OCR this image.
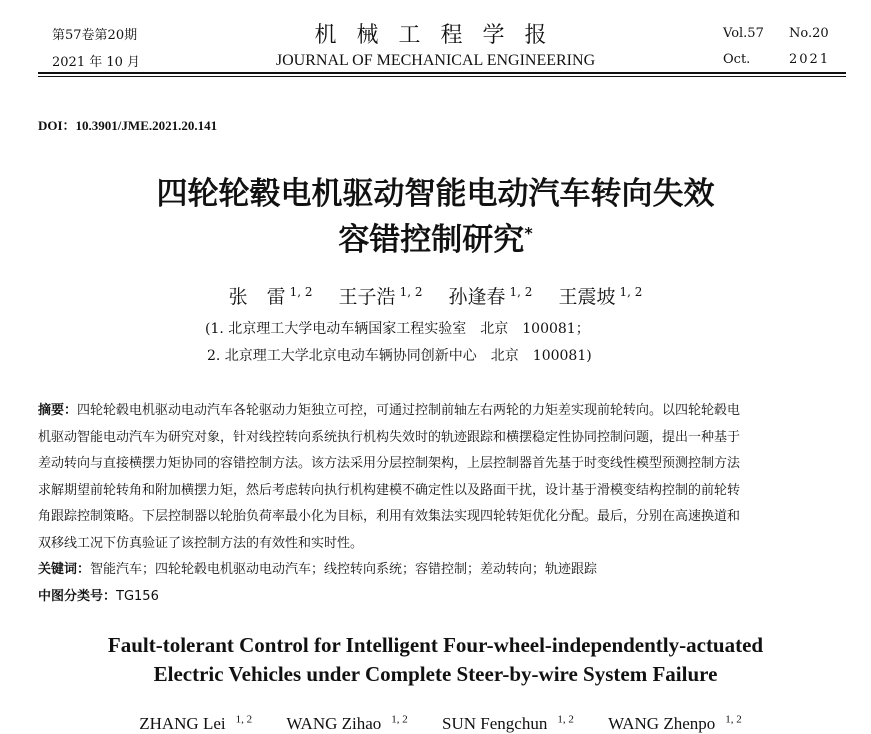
第57卷第20期
2021 年 10 月
机械工程学报
JOURNAL OF MECHANICAL ENGINEERING
Vol.57 No.20
Oct.	2021
DOI：10.3901/JME.2021.20.141
四轮轮毂电机驱动智能电动汽车转向失效
容错控制研究*
张　雷 $^{1, 2}$ 王子浩 $^{1, 2}$ 孙逢春 $^{1, 2}$ 王震坡 $^{1, 2}$
(1. 北京理工大学电动车辆国家工程实验室　北京　100081；
2. 北京理工大学北京电动车辆协同创新中心　北京　100081)
摘要：四轮轮毂电机驱动电动汽车各轮驱动力矩独立可控，可通过控制前轴左右两轮的力矩差实现前轮转向。以四轮轮毂电
机驱动智能电动汽车为研究对象，针对线控转向系统执行机构失效时的轨迹跟踪和横摆稳定性协同控制问题，提出一种基于
差动转向与直接横摆力矩协同的容错控制方法。该方法采用分层控制架构，上层控制器首先基于时变线性模型预测控制方法
求解期望前轮转角和附加横摆力矩，然后考虑转向执行机构建模不确定性以及路面干扰，设计基于滑模变结构控制的前轮转
角跟踪控制策略。下层控制器以轮胎负荷率最小化为目标，利用有效集法实现四轮转矩优化分配。最后，分别在高速换道和
双移线工况下仿真验证了该控制方法的有效性和实时性。
关键词：智能汽车；四轮轮毂电机驱动电动汽车；线控转向系统；容错控制；差动转向；轨迹跟踪
中图分类号：TG156
Fault-tolerant Control for Intelligent Four-wheel-independently-actuated
Electric Vehicles under Complete Steer-by-wire System Failure
ZHANG Lei $^{1, 2}$ WANG Zihao $^{1, 2}$ SUN Fengchun $^{1, 2}$ WANG Zhenpo $^{1, 2}$
